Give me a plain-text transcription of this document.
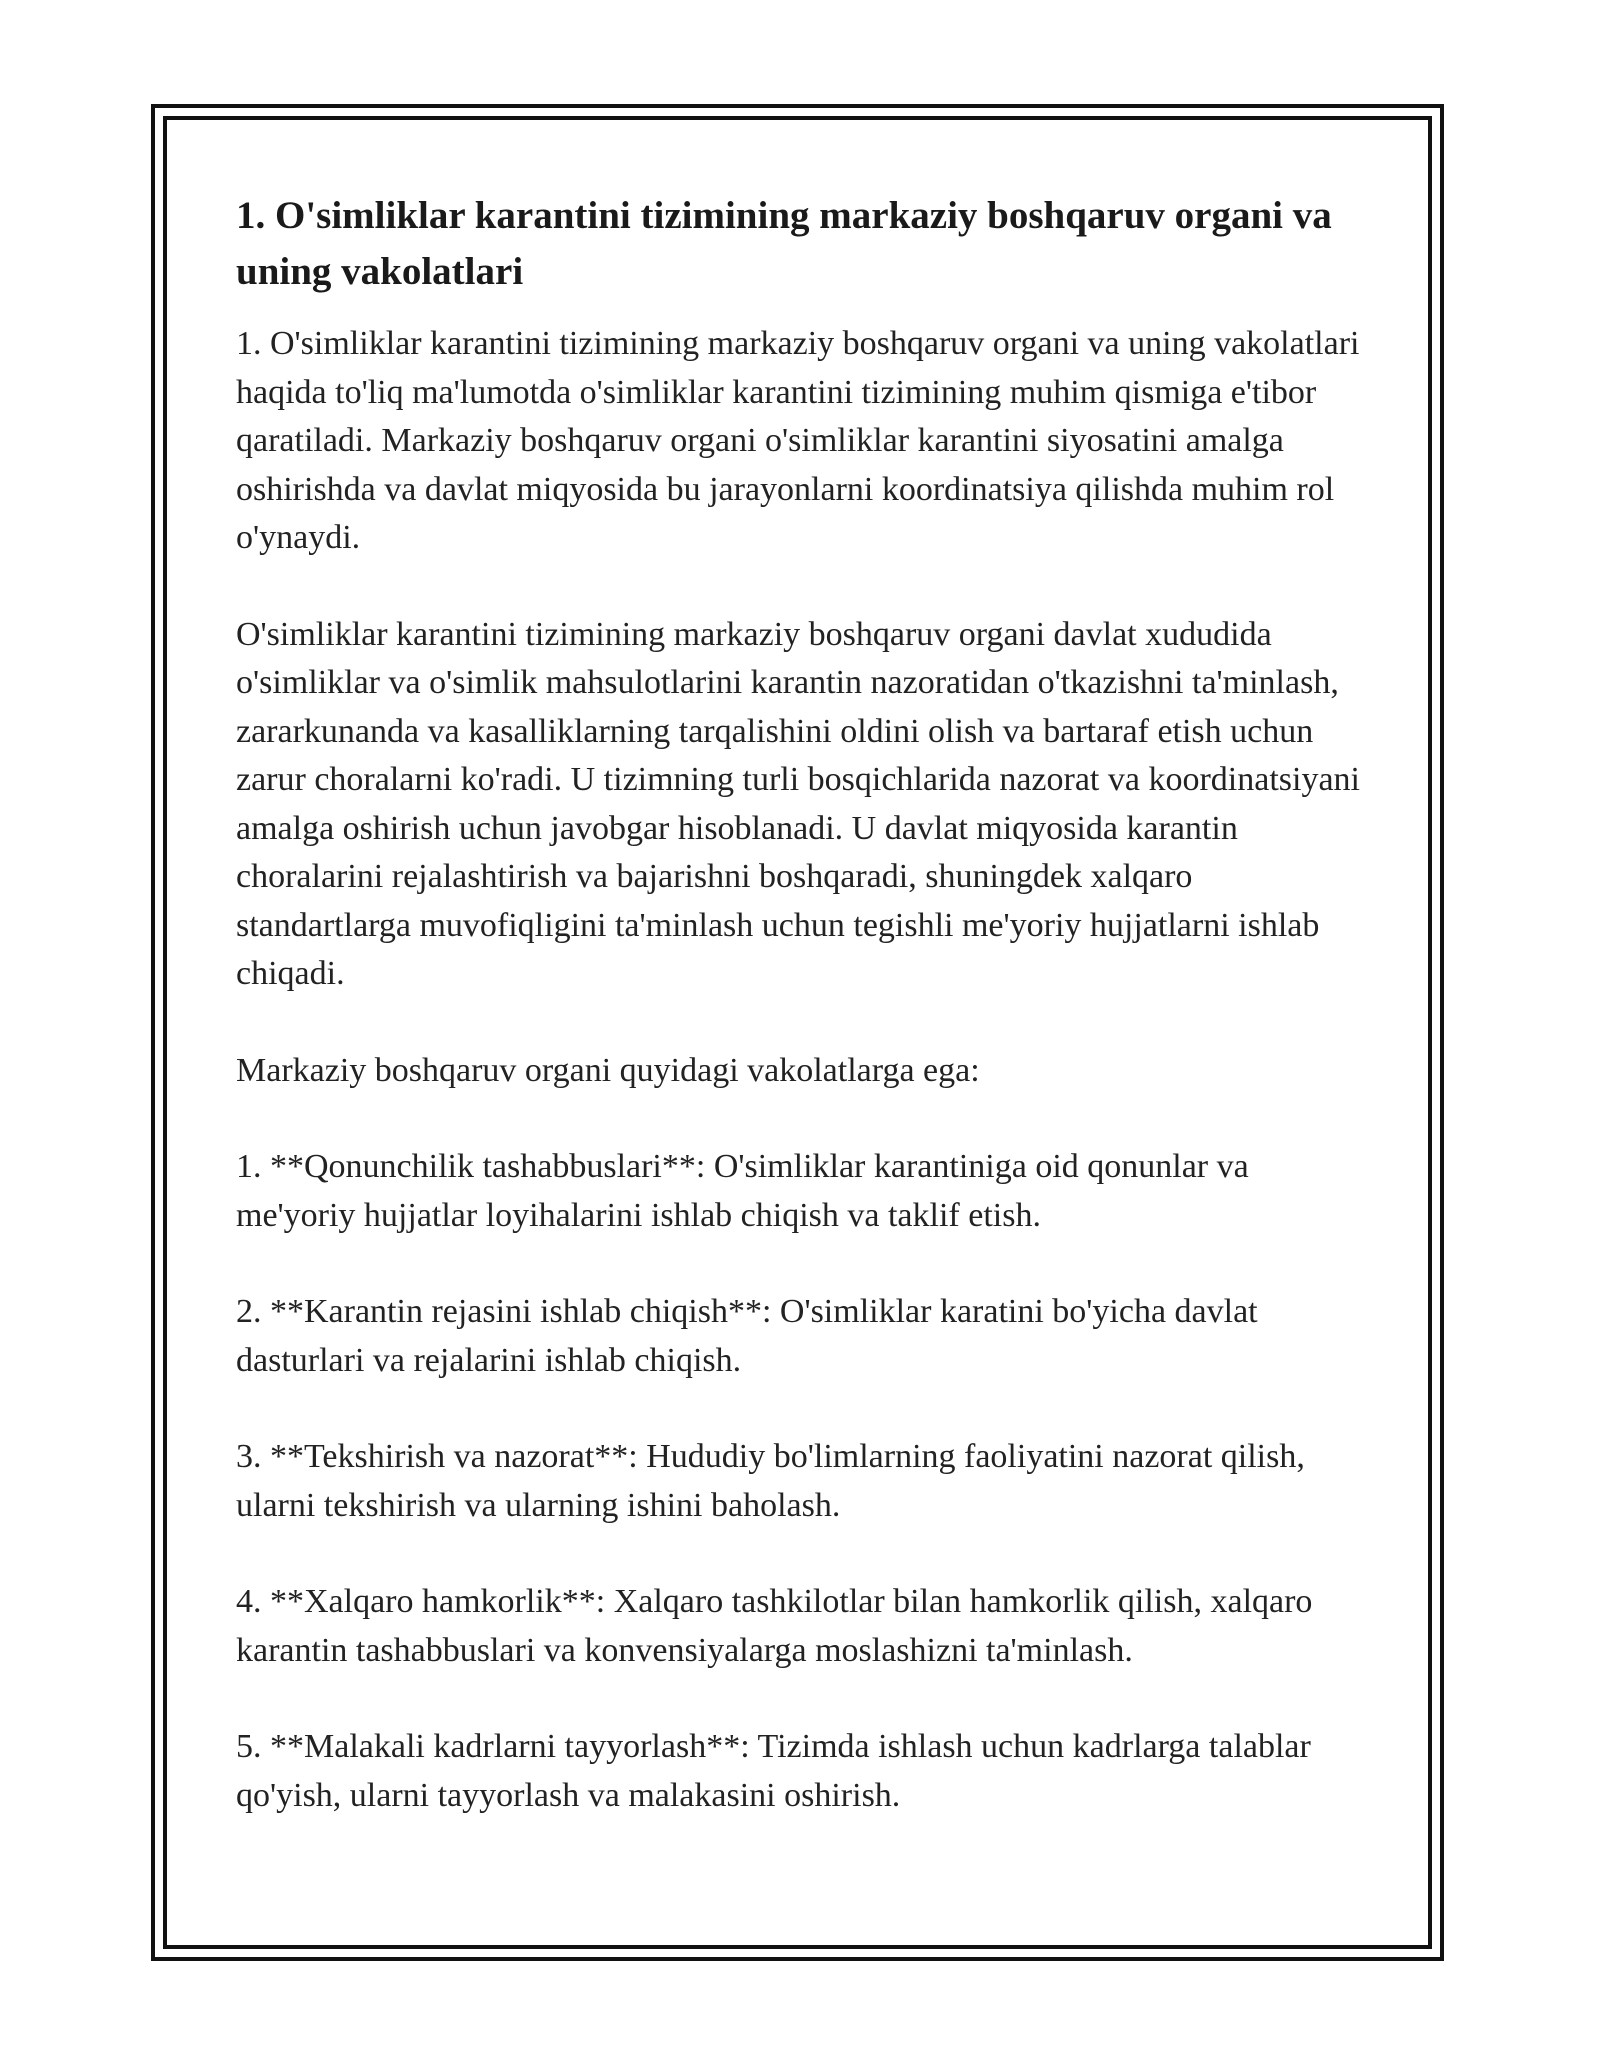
1. O'simliklar karantini tizimining markaziy boshqaruv organi va uning vakolatlari

1. O'simliklar karantini tizimining markaziy boshqaruv organi va uning vakolatlari haqida to'liq ma'lumotda o'simliklar karantini tizimining muhim qismiga e'tibor qaratiladi. Markaziy boshqaruv organi o'simliklar karantini siyosatini amalga oshirishda va davlat miqyosida bu jarayonlarni koordinatsiya qilishda muhim rol o'ynaydi.

O'simliklar karantini tizimining markaziy boshqaruv organi davlat xududida o'simliklar va o'simlik mahsulotlarini karantin nazoratidan o'tkazishni ta'minlash, zararkunanda va kasalliklarning tarqalishini oldini olish va bartaraf etish uchun zarur choralarni ko'radi. U tizimning turli bosqichlarida nazorat va koordinatsiyani amalga oshirish uchun javobgar hisoblanadi. U davlat miqyosida karantin choralarini rejalashtirish va bajarishni boshqaradi, shuningdek xalqaro standartlarga muvofiqligini ta'minlash uchun tegishli me'yoriy hujjatlarni ishlab chiqadi.

Markaziy boshqaruv organi quyidagi vakolatlarga ega:

1. **Qonunchilik tashabbuslari**: O'simliklar karantiniga oid qonunlar va me'yoriy hujjatlar loyihalarini ishlab chiqish va taklif etish.

2. **Karantin rejasini ishlab chiqish**: O'simliklar karatini bo'yicha davlat dasturlari va rejalarini ishlab chiqish.

3. **Tekshirish va nazorat**: Hududiy bo'limlarning faoliyatini nazorat qilish, ularni tekshirish va ularning ishini baholash.

4. **Xalqaro hamkorlik**: Xalqaro tashkilotlar bilan hamkorlik qilish, xalqaro karantin tashabbuslari va konvensiyalarga moslashizni ta'minlash.

5. **Malakali kadrlarni tayyorlash**: Tizimda ishlash uchun kadrlarga talablar qo'yish, ularni tayyorlash va malakasini oshirish.
